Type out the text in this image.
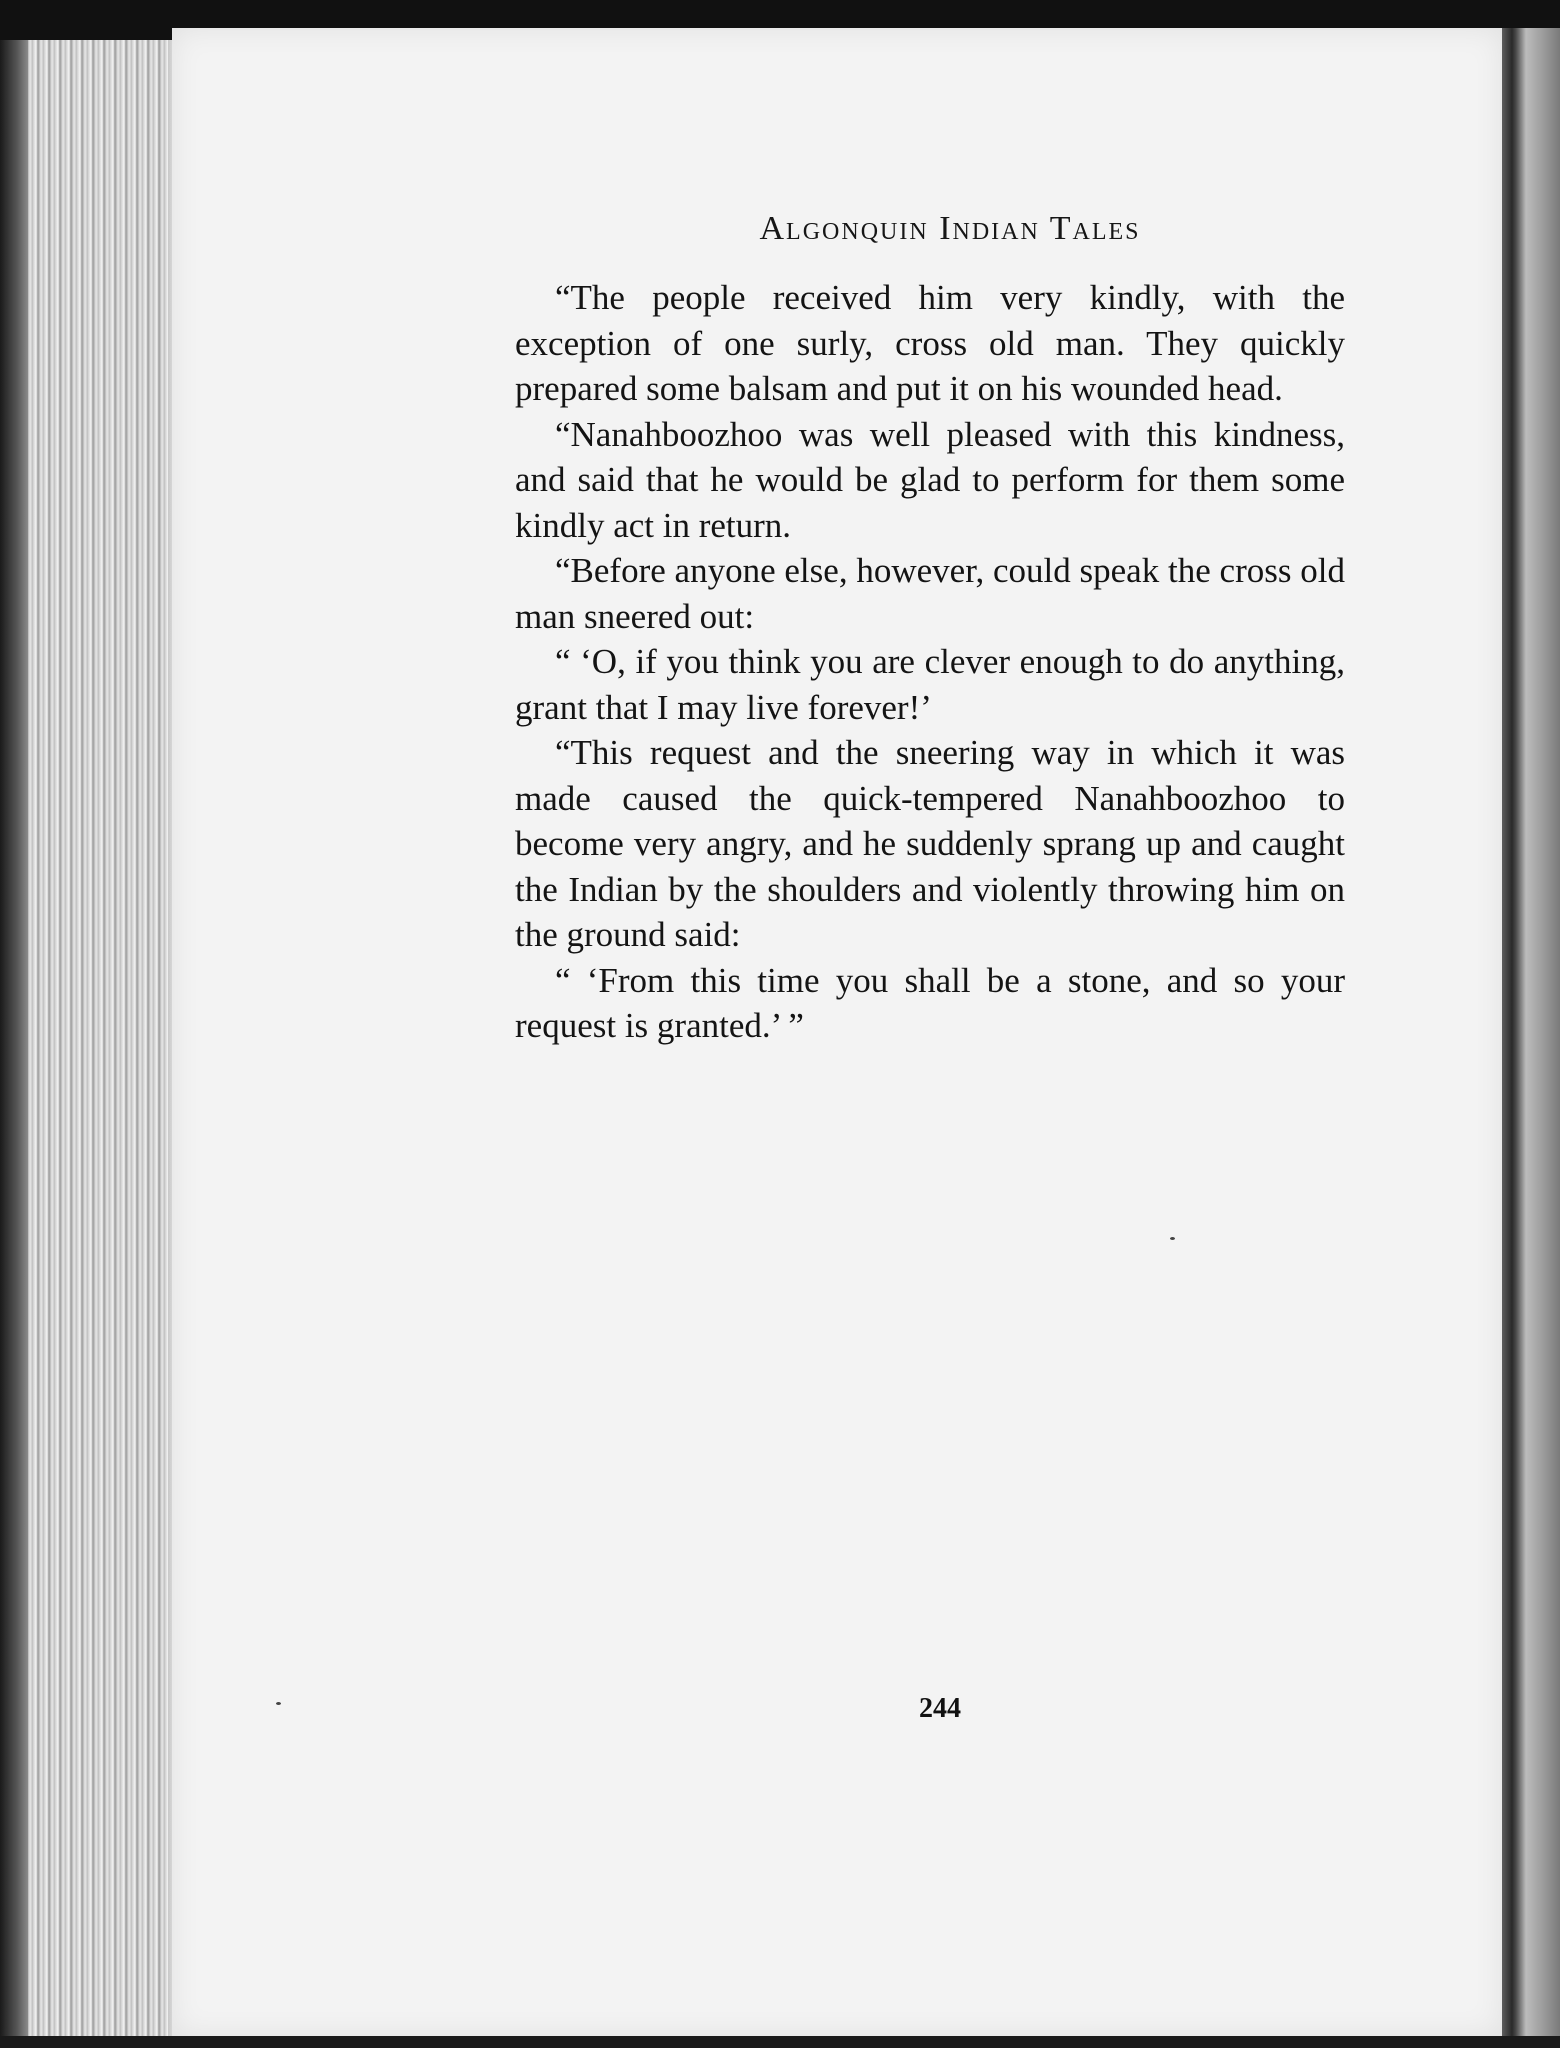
Algonquin Indian Tales

“The people received him very kindly, with the exception of one surly, cross old man. They quickly prepared some balsam and put it on his wounded head.

“Nanahboozhoo was well pleased with this kindness, and said that he would be glad to perform for them some kindly act in return.

“Before anyone else, however, could speak the cross old man sneered out:

“ ‘O, if you think you are clever enough to do anything, grant that I may live forever!’

“This request and the sneering way in which it was made caused the quick-tempered Nanahboozhoo to become very angry, and he suddenly sprang up and caught the Indian by the shoulders and violently throwing him on the ground said:

“ ‘From this time you shall be a stone, and so your request is granted.’ ”

244
